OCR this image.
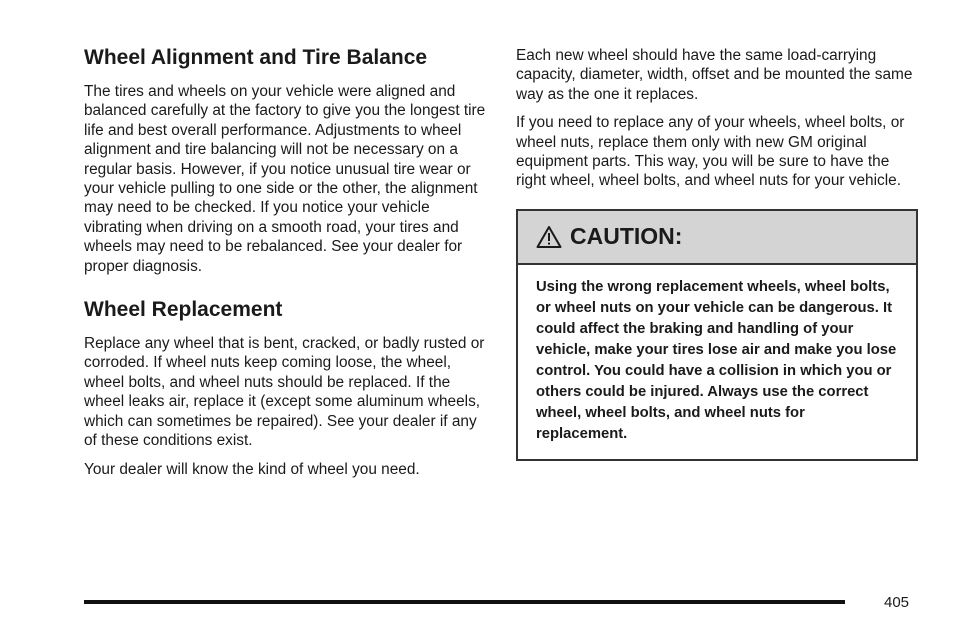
Wheel Alignment and Tire Balance

The tires and wheels on your vehicle were aligned and balanced carefully at the factory to give you the longest tire life and best overall performance. Adjustments to wheel alignment and tire balancing will not be necessary on a regular basis. However, if you notice unusual tire wear or your vehicle pulling to one side or the other, the alignment may need to be checked. If you notice your vehicle vibrating when driving on a smooth road, your tires and wheels may need to be rebalanced. See your dealer for proper diagnosis.

Wheel Replacement

Replace any wheel that is bent, cracked, or badly rusted or corroded. If wheel nuts keep coming loose, the wheel, wheel bolts, and wheel nuts should be replaced. If the wheel leaks air, replace it (except some aluminum wheels, which can sometimes be repaired). See your dealer if any of these conditions exist.

Your dealer will know the kind of wheel you need.

Each new wheel should have the same load-carrying capacity, diameter, width, offset and be mounted the same way as the one it replaces.

If you need to replace any of your wheels, wheel bolts, or wheel nuts, replace them only with new GM original equipment parts. This way, you will be sure to have the right wheel, wheel bolts, and wheel nuts for your vehicle.

CAUTION:
Using the wrong replacement wheels, wheel bolts, or wheel nuts on your vehicle can be dangerous. It could affect the braking and handling of your vehicle, make your tires lose air and make you lose control. You could have a collision in which you or others could be injured. Always use the correct wheel, wheel bolts, and wheel nuts for replacement.
405
